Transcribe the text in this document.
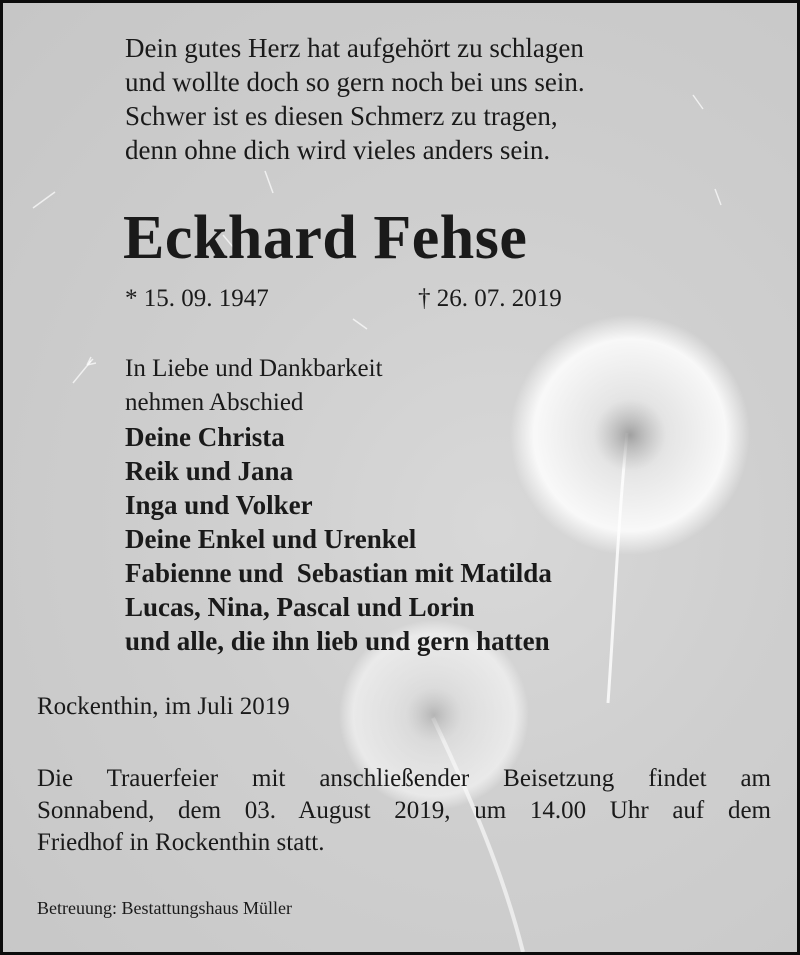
Dein gutes Herz hat aufgehört zu schlagen
und wollte doch so gern noch bei uns sein.
Schwer ist es diesen Schmerz zu tragen,
denn ohne dich wird vieles anders sein.
Eckhard Fehse
* 15. 09. 1947	† 26. 07. 2019
In Liebe und Dankbarkeit
nehmen Abschied
Deine Christa
Reik und Jana
Inga und Volker
Deine Enkel und Urenkel
Fabienne und  Sebastian mit Matilda
Lucas, Nina, Pascal und Lorin
und alle, die ihn lieb und gern hatten
Rockenthin, im Juli 2019
Die Trauerfeier mit anschließender Beisetzung findet am
Sonnabend, dem 03. August 2019, um 14.00 Uhr auf dem
Friedhof in Rockenthin statt.
Betreuung: Bestattungshaus Müller
